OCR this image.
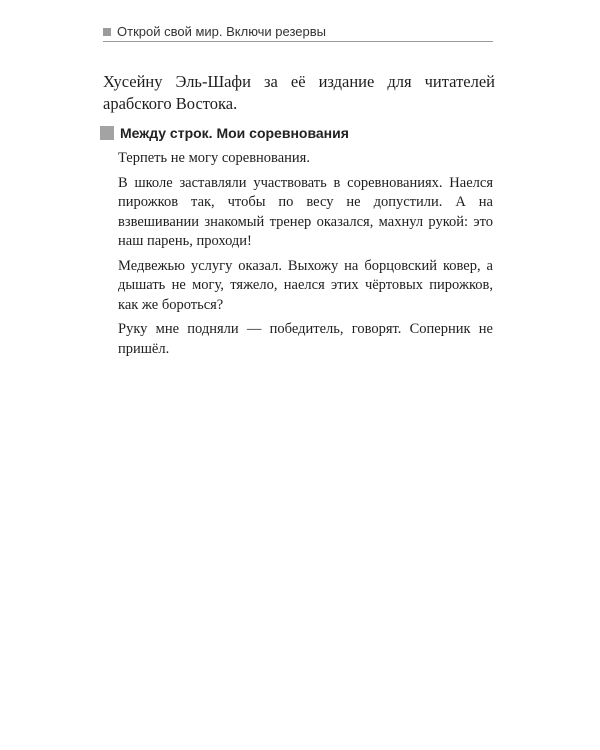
Открой свой мир. Включи резервы

Хусейну Эль-Шафи за её издание для читателей арабского Востока.

Между строк. Мои соревнования

Терпеть не могу соревнования.

В школе заставляли участвовать в соревнованиях. Наелся пирожков так, чтобы по весу не допустили. А на взвешивании знакомый тренер оказался, махнул рукой: это наш парень, проходи!

Медвежью услугу оказал. Выхожу на борцовский ковер, а дышать не могу, тяжело, наелся этих чёртовых пирожков, как же бороться?

Руку мне подняли — победитель, говорят. Соперник не пришёл.
